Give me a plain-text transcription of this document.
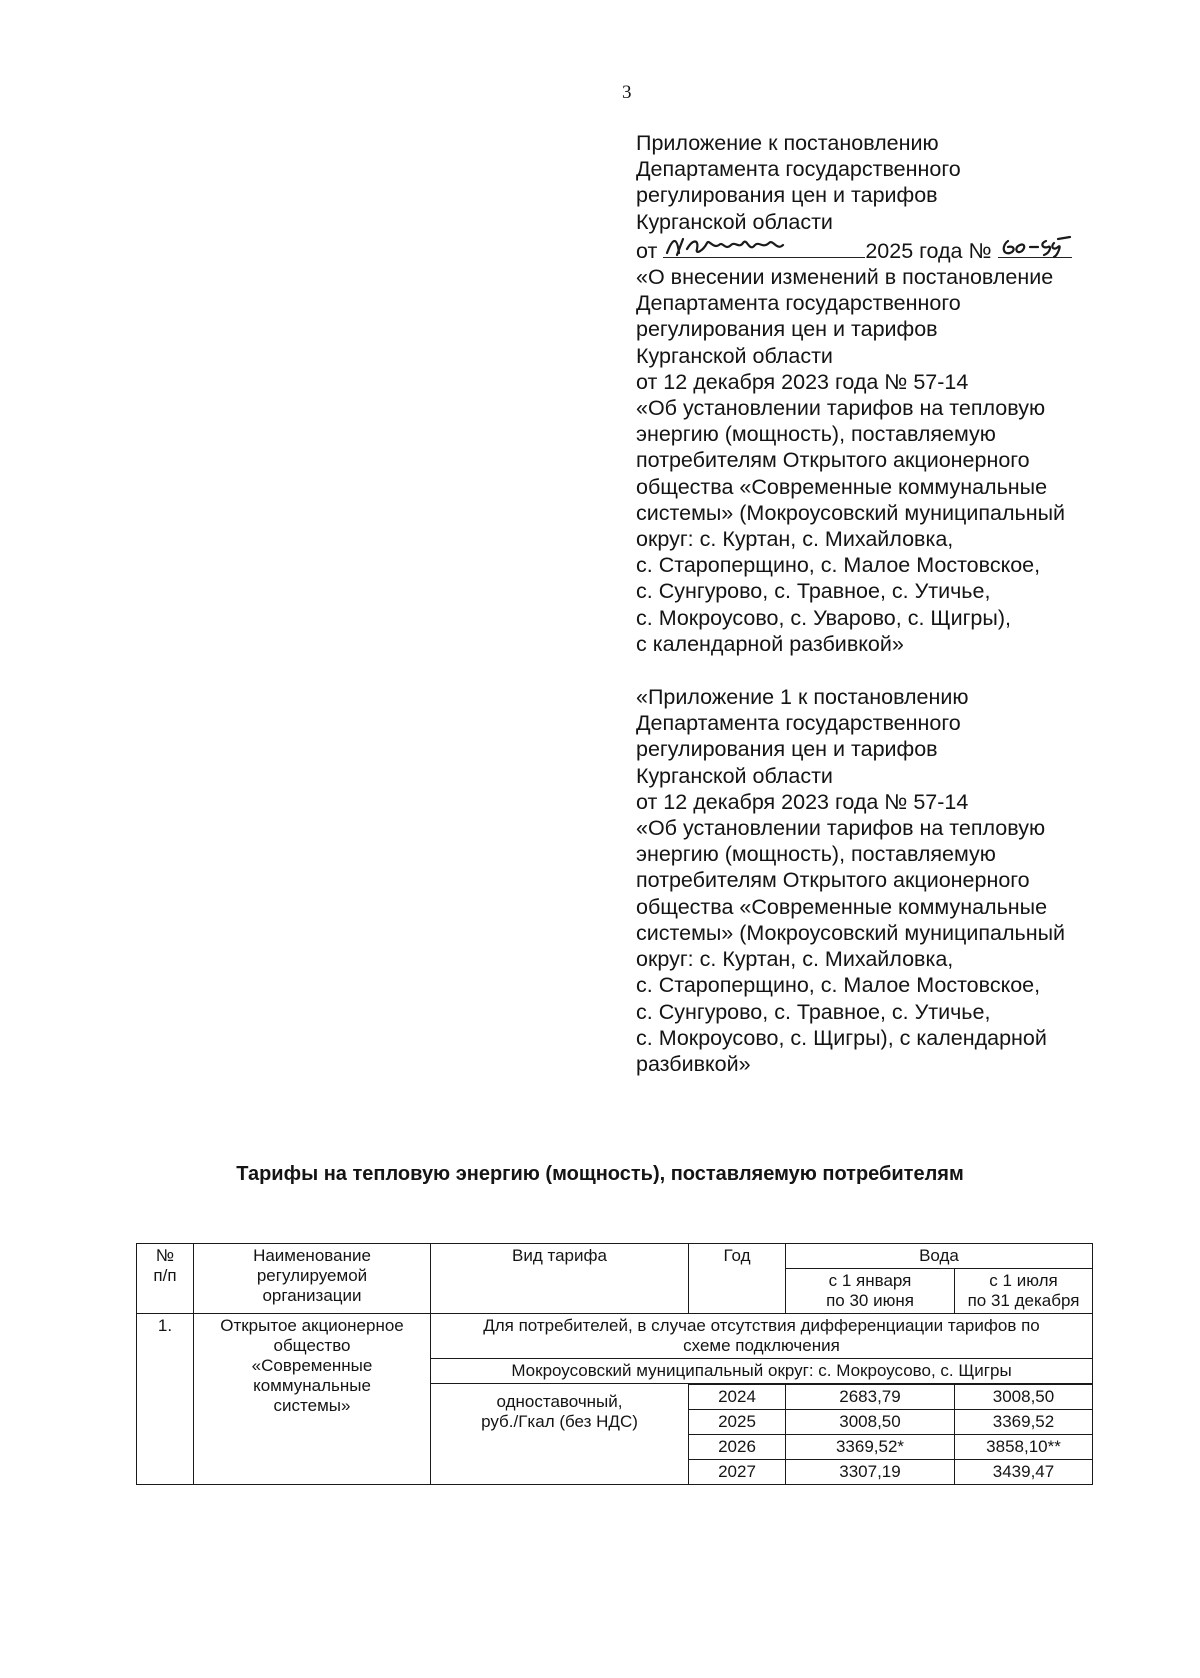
3
Приложение к постановлению
Департамента государственного
регулирования цен и тарифов
Курганской области
от	2025 года №
«О внесении изменений в постановление
Департамента государственного
регулирования цен и тарифов
Курганской области
от 12 декабря 2023 года № 57-14
«Об установлении тарифов на тепловую
энергию (мощность), поставляемую
потребителям Открытого акционерного
общества «Современные коммунальные
системы» (Мокроусовский муниципальный
округ: с. Куртан, с. Михайловка,
с. Староперщино, с. Малое Мостовское,
с. Сунгурово, с. Травное, с. Утичье,
с. Мокроусово, с. Уварово, с. Щигры),
с календарной разбивкой»
«Приложение 1 к постановлению
Департамента государственного
регулирования цен и тарифов
Курганской области
от 12 декабря 2023 года № 57-14
«Об установлении тарифов на тепловую
энергию (мощность), поставляемую
потребителям Открытого акционерного
общества «Современные коммунальные
системы» (Мокроусовский муниципальный
округ: с. Куртан, с. Михайловка,
с. Староперщино, с. Малое Мостовское,
с. Сунгурово, с. Травное, с. Утичье,
с. Мокроусово, с. Щигры), с календарной
разбивкой»
Тарифы на тепловую энергию (мощность), поставляемую потребителям
№
п/п	Наименование
регулируемой
организации	Вид тарифа	Год	Вода	

				с 1 января
по 30 июня	с 1 июля
по 31 декабря

1.	Открытое акционерное
общество
«Современные
коммунальные
системы»	Для потребителей, в случае отсутствия дифференциации тарифов по
схеме подключения			

		Мокроусовский муниципальный округ: с. Мокроусово, с. Щигры			

		одноставочный,
руб./Гкал (без НДС)			

			2024	2683,79	3008,50
			2025	3008,50	3369,52
			2026	3369,52*	3858,10**
			2027	3307,19	3439,47
